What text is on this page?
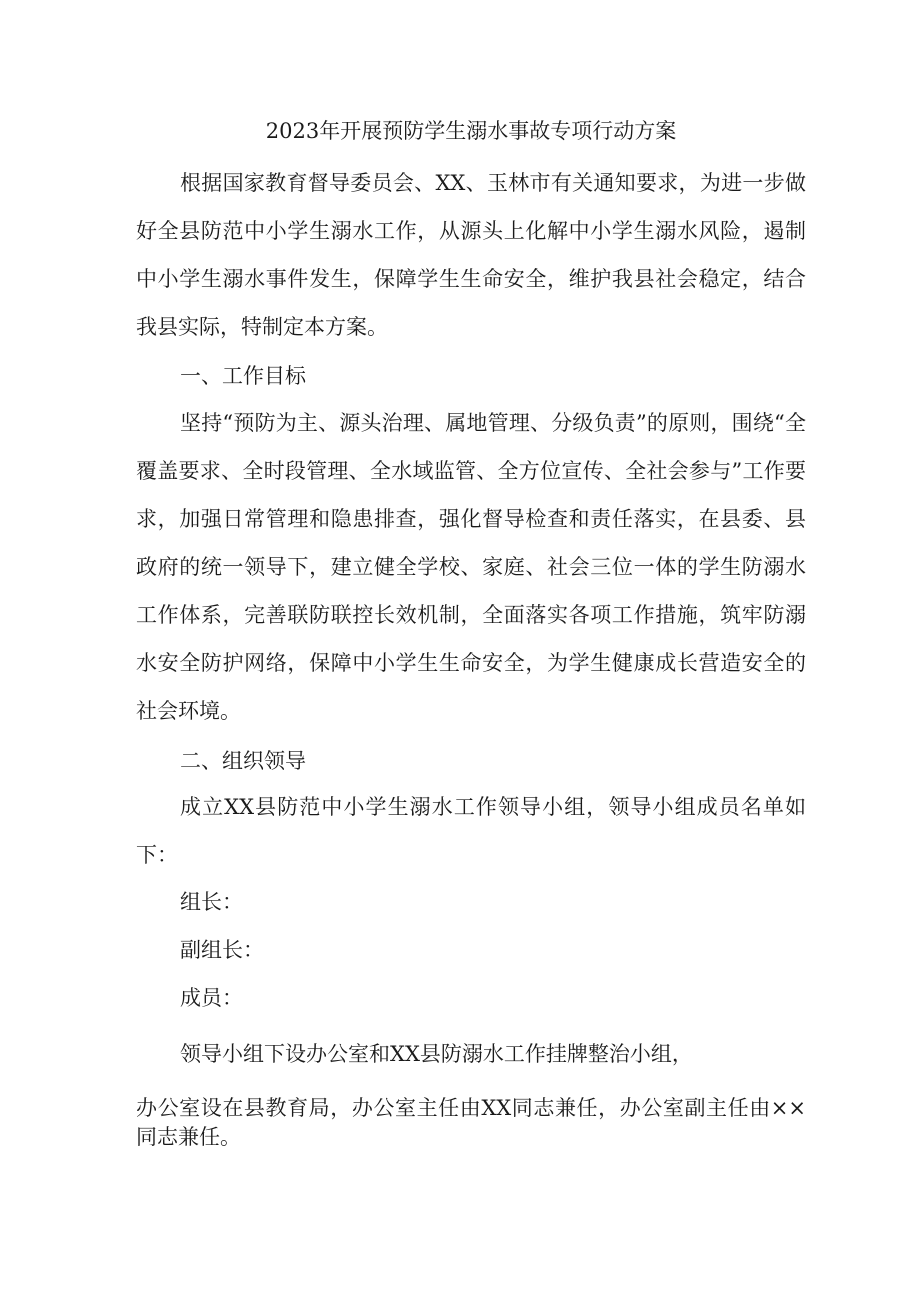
2023年开展预防学生溺水事故专项行动方案

根据国家教育督导委员会、XX、玉林市有关通知要求，为进一步做好全县防范中小学生溺水工作，从源头上化解中小学生溺水风险，遏制中小学生溺水事件发生，保障学生生命安全，维护我县社会稳定，结合我县实际，特制定本方案。

一、工作目标

坚持“预防为主、源头治理、属地管理、分级负责”的原则，围绕“全覆盖要求、全时段管理、全水域监管、全方位宣传、全社会参与”工作要求，加强日常管理和隐患排查，强化督导检查和责任落实，在县委、县政府的统一领导下，建立健全学校、家庭、社会三位一体的学生防溺水工作体系，完善联防联控长效机制，全面落实各项工作措施，筑牢防溺水安全防护网络，保障中小学生生命安全，为学生健康成长营造安全的社会环境。

二、组织领导

成立XX县防范中小学生溺水工作领导小组，领导小组成员名单如下：

组长：
副组长：
成员：
领导小组下设办公室和XX县防溺水工作挂牌整治小组，

办公室设在县教育局，办公室主任由XX同志兼任，办公室副主任由××同志兼任。
